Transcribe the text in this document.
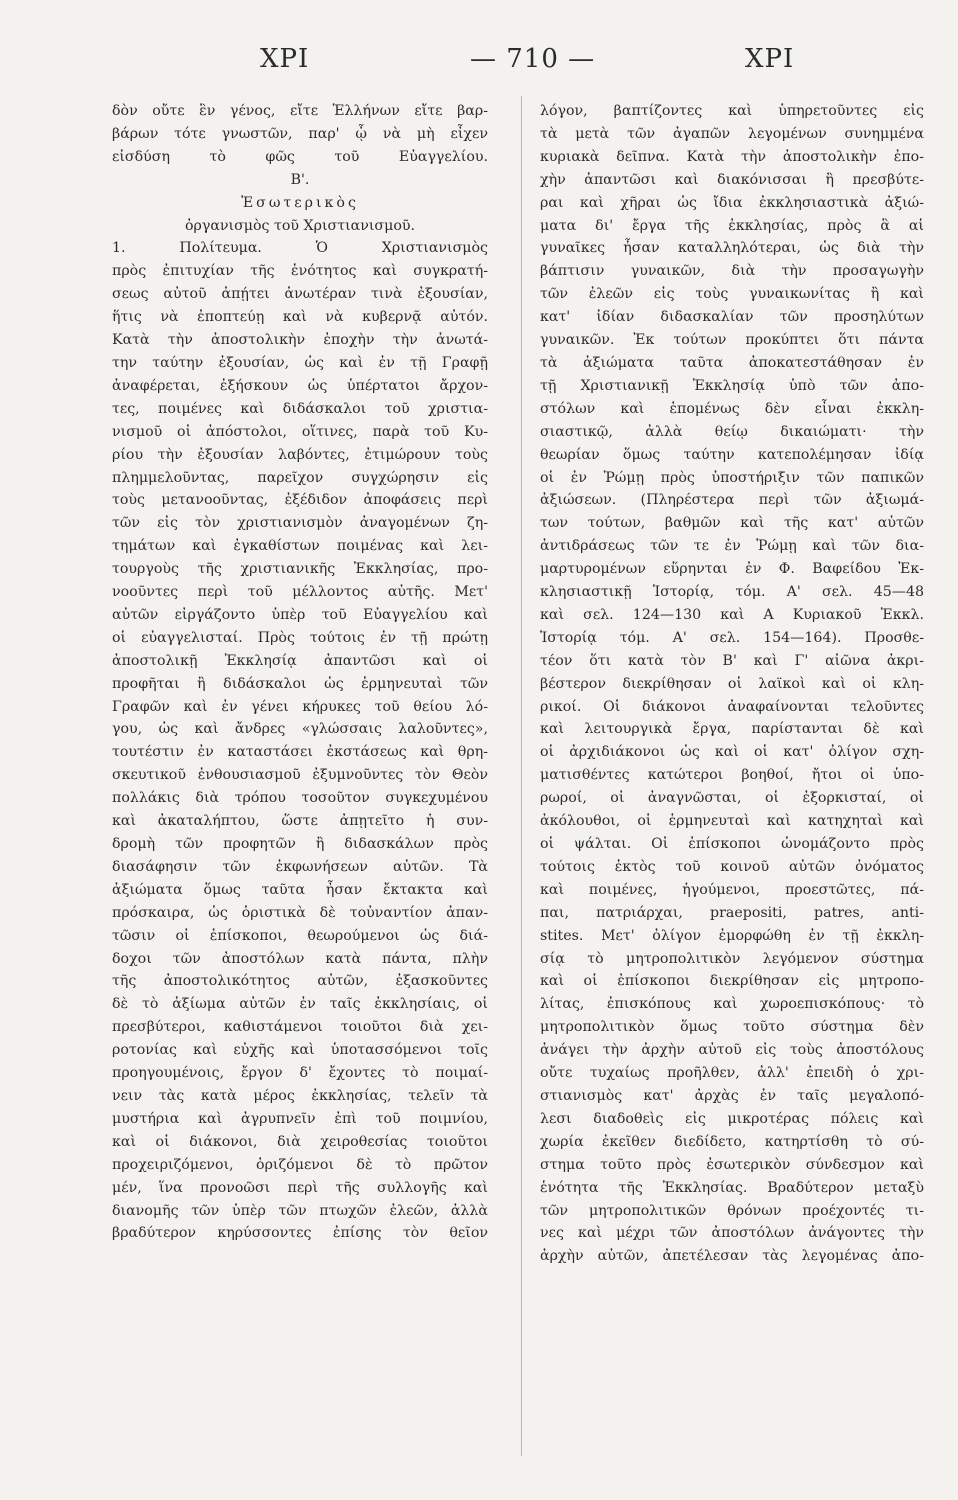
ΧΡΙ	— 710 —	ΧΡΙ
δὸν οὔτε ἓν γένος, εἴτε Ἑλλήνων εἴτε βαρ-
βάρων τότε γνωστῶν, παρ' ᾧ νὰ μὴ εἶχεν
εἰσδύση τὸ φῶς τοῦ Εὐαγγελίου.
Β'.
Ἐσωτερικὸς
ὀργανισμὸς τοῦ Χριστιανισμοῦ.
1. Πολίτευμα. Ὁ Χριστιανισμὸς
πρὸς ἐπιτυχίαν τῆς ἑνότητος καὶ συγκρατή-
σεως αὐτοῦ ἀπῄτει ἀνωτέραν τινὰ ἐξουσίαν,
ἥτις νὰ ἐποπτεύῃ καὶ νὰ κυβερνᾷ αὐτόν.
Κατὰ τὴν ἀποστολικὴν ἐποχὴν τὴν ἀνωτά-
την ταύτην ἐξουσίαν, ὡς καὶ ἐν τῇ Γραφῇ
ἀναφέρεται, ἐξήσκουν ὡς ὑπέρτατοι ἄρχον-
τες, ποιμένες καὶ διδάσκαλοι τοῦ χριστια-
νισμοῦ οἱ ἀπόστολοι, οἵτινες, παρὰ τοῦ Κυ-
ρίου τὴν ἐξουσίαν λαβόντες, ἐτιμώρουν τοὺς
πλημμελοῦντας, παρεῖχον συγχώρησιν εἰς
τοὺς μετανοοῦντας, ἐξέδιδον ἀποφάσεις περὶ
τῶν εἰς τὸν χριστιανισμὸν ἀναγομένων ζη-
τημάτων καὶ ἐγκαθίστων ποιμένας καὶ λει-
τουργοὺς τῆς χριστιανικῆς Ἐκκλησίας, προ-
νοοῦντες περὶ τοῦ μέλλοντος αὐτῆς. Μετ'
αὐτῶν εἰργάζοντο ὑπὲρ τοῦ Εὐαγγελίου καὶ
οἱ εὐαγγελισταί. Πρὸς τούτοις ἐν τῇ πρώτῃ
ἀποστολικῇ Ἐκκλησίᾳ ἀπαντῶσι καὶ οἱ
προφῆται ἢ διδάσκαλοι ὡς ἑρμηνευταὶ τῶν
Γραφῶν καὶ ἐν γένει κήρυκες τοῦ θείου λό-
γου, ὡς καὶ ἄνδρες «γλώσσαις λαλοῦντες»,
τουτέστιν ἐν καταστάσει ἐκστάσεως καὶ θρη-
σκευτικοῦ ἐνθουσιασμοῦ ἐξυμνοῦντες τὸν Θεὸν
πολλάκις διὰ τρόπου τοσοῦτον συγκεχυμένου
καὶ ἀκαταλήπτου, ὥστε ἀπῃτεῖτο ἡ συν-
δρομὴ τῶν προφητῶν ἢ διδασκάλων πρὸς
διασάφησιν τῶν ἐκφωνήσεων αὐτῶν. Τὰ
ἀξιώματα ὅμως ταῦτα ἦσαν ἔκτακτα καὶ
πρόσκαιρα, ὡς ὁριστικὰ δὲ τοὐναντίον ἀπαν-
τῶσιν οἱ ἐπίσκοποι, θεωρούμενοι ὡς διά-
δοχοι τῶν ἀποστόλων κατὰ πάντα, πλὴν
τῆς ἀποστολικότητος αὐτῶν, ἐξασκοῦντες
δὲ τὸ ἀξίωμα αὐτῶν ἐν ταῖς ἐκκλησίαις, οἱ
πρεσβύτεροι, καθιστάμενοι τοιοῦτοι διὰ χει-
ροτονίας καὶ εὐχῆς καὶ ὑποτασσόμενοι τοῖς
προηγουμένοις, ἔργον δ' ἔχοντες τὸ ποιμαί-
νειν τὰς κατὰ μέρος ἐκκλησίας, τελεῖν τὰ
μυστήρια καὶ ἀγρυπνεῖν ἐπὶ τοῦ ποιμνίου,
καὶ οἱ διάκονοι, διὰ χειροθεσίας τοιοῦτοι
προχειριζόμενοι, ὁριζόμενοι δὲ τὸ πρῶτον
μέν, ἵνα προνοῶσι περὶ τῆς συλλογῆς καὶ
διανομῆς τῶν ὑπὲρ τῶν πτωχῶν ἐλεῶν, ἀλλὰ
βραδύτερον κηρύσσοντες ἐπίσης τὸν θεῖον
λόγον, βαπτίζοντες καὶ ὑπηρετοῦντες εἰς
τὰ μετὰ τῶν ἀγαπῶν λεγομένων συνημμένα
κυριακὰ δεῖπνα. Κατὰ τὴν ἀποστολικὴν ἐπο-
χὴν ἀπαντῶσι καὶ διακόνισσαι ἢ πρεσβύτε-
ραι καὶ χῆραι ὡς ἴδια ἐκκλησιαστικὰ ἀξιώ-
ματα δι' ἔργα τῆς ἐκκλησίας, πρὸς ἃ αἱ
γυναῖκες ἦσαν καταλληλότεραι, ὡς διὰ τὴν
βάπτισιν γυναικῶν, διὰ τὴν προσαγωγὴν
τῶν ἐλεῶν εἰς τοὺς γυναικωνίτας ἢ καὶ
κατ' ἰδίαν διδασκαλίαν τῶν προσηλύτων
γυναικῶν. Ἐκ τούτων προκύπτει ὅτι πάντα
τὰ ἀξιώματα ταῦτα ἀποκατεστάθησαν ἐν
τῇ Χριστιανικῇ Ἐκκλησίᾳ ὑπὸ τῶν ἀπο-
στόλων καὶ ἑπομένως δὲν εἶναι ἐκκλη-
σιαστικῷ, ἀλλὰ θείῳ δικαιώματι· τὴν
θεωρίαν ὅμως ταύτην κατεπολέμησαν ἰδίᾳ
οἱ ἐν Ῥώμῃ πρὸς ὑποστήριξιν τῶν παπικῶν
ἀξιώσεων. (Πληρέστερα περὶ τῶν ἀξιωμά-
των τούτων, βαθμῶν καὶ τῆς κατ' αὐτῶν
ἀντιδράσεως τῶν τε ἐν Ῥώμῃ καὶ τῶν δια-
μαρτυρομένων εὕρηνται ἐν Φ. Βαφείδου Ἐκ-
κλησιαστικῇ Ἱστορίᾳ, τόμ. Α' σελ. 45—48
καὶ σελ. 124—130 καὶ Α Κυριακοῦ Ἐκκλ.
Ἱστορίᾳ τόμ. Α' σελ. 154—164). Προσθε-
τέον ὅτι κατὰ τὸν Β' καὶ Γ' αἰῶνα ἀκρι-
βέστερον διεκρίθησαν οἱ λαϊκοὶ καὶ οἱ κλη-
ρικοί. Οἱ διάκονοι ἀναφαίνονται τελοῦντες
καὶ λειτουργικὰ ἔργα, παρίστανται δὲ καὶ
οἱ ἀρχιδιάκονοι ὡς καὶ οἱ κατ' ὀλίγον σχη-
ματισθέντες κατώτεροι βοηθοί, ἤτοι οἱ ὑπο-
ρωροί, οἱ ἀναγνῶσται, οἱ ἐξορκισταί, οἱ
ἀκόλουθοι, οἱ ἑρμηνευταὶ καὶ κατηχηταὶ καὶ
οἱ ψάλται. Οἱ ἐπίσκοποι ὠνομάζοντο πρὸς
τούτοις ἐκτὸς τοῦ κοινοῦ αὐτῶν ὀνόματος
καὶ ποιμένες, ἡγούμενοι, προεστῶτες, πά-
παι, πατριάρχαι, praepositi, patres, anti-
stites. Μετ' ὀλίγον ἐμορφώθη ἐν τῇ ἐκκλη-
σίᾳ τὸ μητροπολιτικὸν λεγόμενον σύστημα
καὶ οἱ ἐπίσκοποι διεκρίθησαν εἰς μητροπο-
λίτας, ἐπισκόπους καὶ χωροεπισκόπους· τὸ
μητροπολιτικὸν ὅμως τοῦτο σύστημα δὲν
ἀνάγει τὴν ἀρχὴν αὐτοῦ εἰς τοὺς ἀποστόλους
οὔτε τυχαίως προῆλθεν, ἀλλ' ἐπειδὴ ὁ χρι-
στιανισμὸς κατ' ἀρχὰς ἐν ταῖς μεγαλοπό-
λεσι διαδοθεὶς εἰς μικροτέρας πόλεις καὶ
χωρία ἐκεῖθεν διεδίδετο, κατηρτίσθη τὸ σύ-
στημα τοῦτο πρὸς ἐσωτερικὸν σύνδεσμον καὶ
ἑνότητα τῆς Ἐκκλησίας. Βραδύτερον μεταξὺ
τῶν μητροπολιτικῶν θρόνων προέχοντές τι-
νες καὶ μέχρι τῶν ἀποστόλων ἀνάγοντες τὴν
ἀρχὴν αὐτῶν, ἀπετέλεσαν τὰς λεγομένας ἀπο-
